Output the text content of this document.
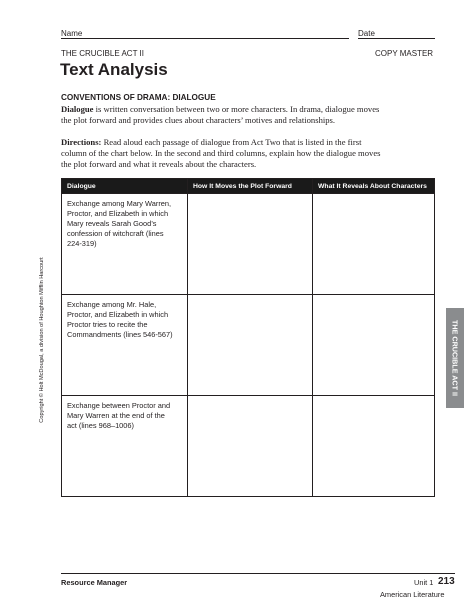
Name	Date
THE CRUCIBLE ACT II	COPY MASTER
Text Analysis
CONVENTIONS OF DRAMA: DIALOGUE
Dialogue is written conversation between two or more characters. In drama, dialogue moves
the plot forward and provides clues about characters’ motives and relationships.
Directions: Read aloud each passage of dialogue from Act Two that is listed in the first
column of the chart below. In the second and third columns, explain how the dialogue moves
the plot forward and what it reveals about the characters.
Dialogue	How It Moves the Plot Forward	What It Reveals About Characters

Exchange among Mary Warren,
Proctor, and Elizabeth in which
Mary reveals Sarah Good’s
confession of witchcraft (lines
224-319)		

Exchange among Mr. Hale,
Proctor, and Elizabeth in which
Proctor tries to recite the
Commandments (lines 546-567)		

Exchange between Proctor and
Mary Warren at the end of the
act (lines 968–1006)		

THE CRUCIBLE ACT II
Copyright © Holt McDougal, a division of Houghton Mifflin Harcourt
Resource Manager	Unit 1 213
American Literature
